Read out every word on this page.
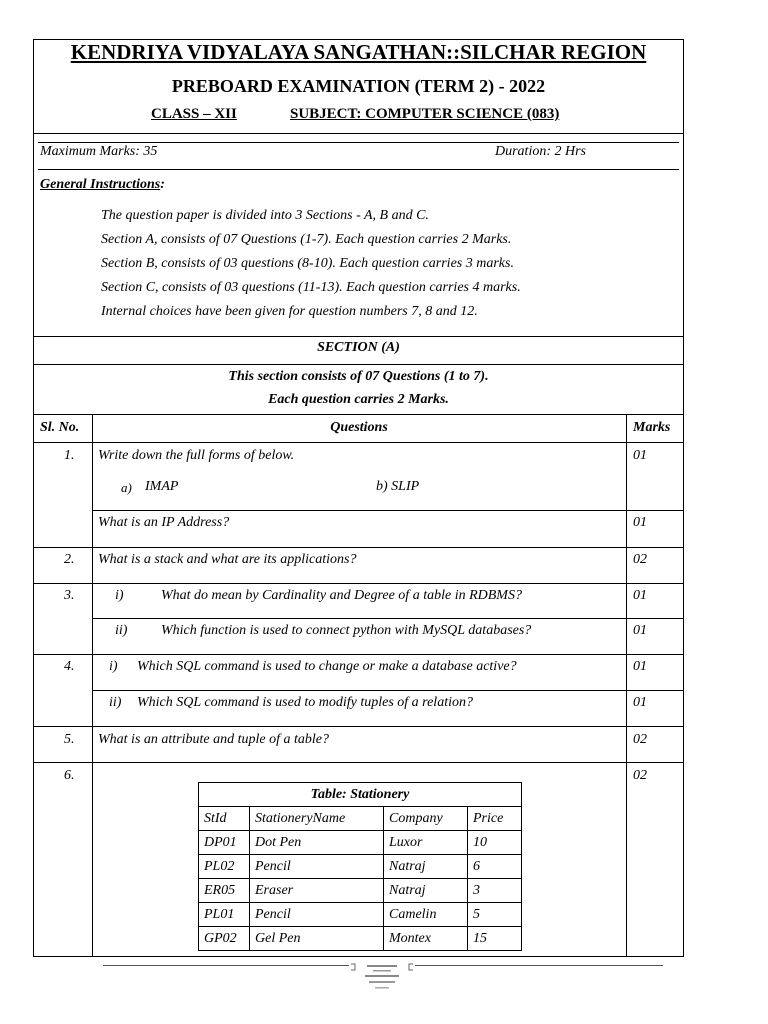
KENDRIYA VIDYALAYA SANGATHAN::SILCHAR REGION
PREBOARD EXAMINATION (TERM 2) - 2022
CLASS – XII	SUBJECT: COMPUTER SCIENCE (083)
Maximum Marks: 35	Duration: 2 Hrs
General Instructions:
The question paper is divided into 3 Sections - A, B and C.
Section A, consists of 07 Questions (1-7). Each question carries 2 Marks.
Section B, consists of 03 questions (8-10). Each question carries 3 marks.
Section C, consists of 03 questions (11-13). Each question carries 4 marks.
Internal choices have been given for question numbers 7, 8 and 12.
SECTION (A)
This section consists of 07 Questions (1 to 7).
Each question carries 2 Marks.
Sl. No.	Questions	Marks
1. Write down the full forms of below.	01
a) IMAP	b) SLIP
What is an IP Address?	01
2. What is a stack and what are its applications?	02
3.	i)	What do mean by Cardinality and Degree of a table in RDBMS?	01
ii) Which function is used to connect python with MySQL databases?	01
4. i) Which SQL command is used to change or make a database active?	01
ii) Which SQL command is used to modify tuples of a relation?	01
5. What is an attribute and tuple of a table?	02
6.	02
Table: Stationery			
StId	StationeryName	Company	Price
DP01	Dot Pen	Luxor	10
PL02	Pencil	Natraj	6
ER05	Eraser	Natraj	3
PL01	Pencil	Camelin	5
GP02	Gel Pen	Montex	15
